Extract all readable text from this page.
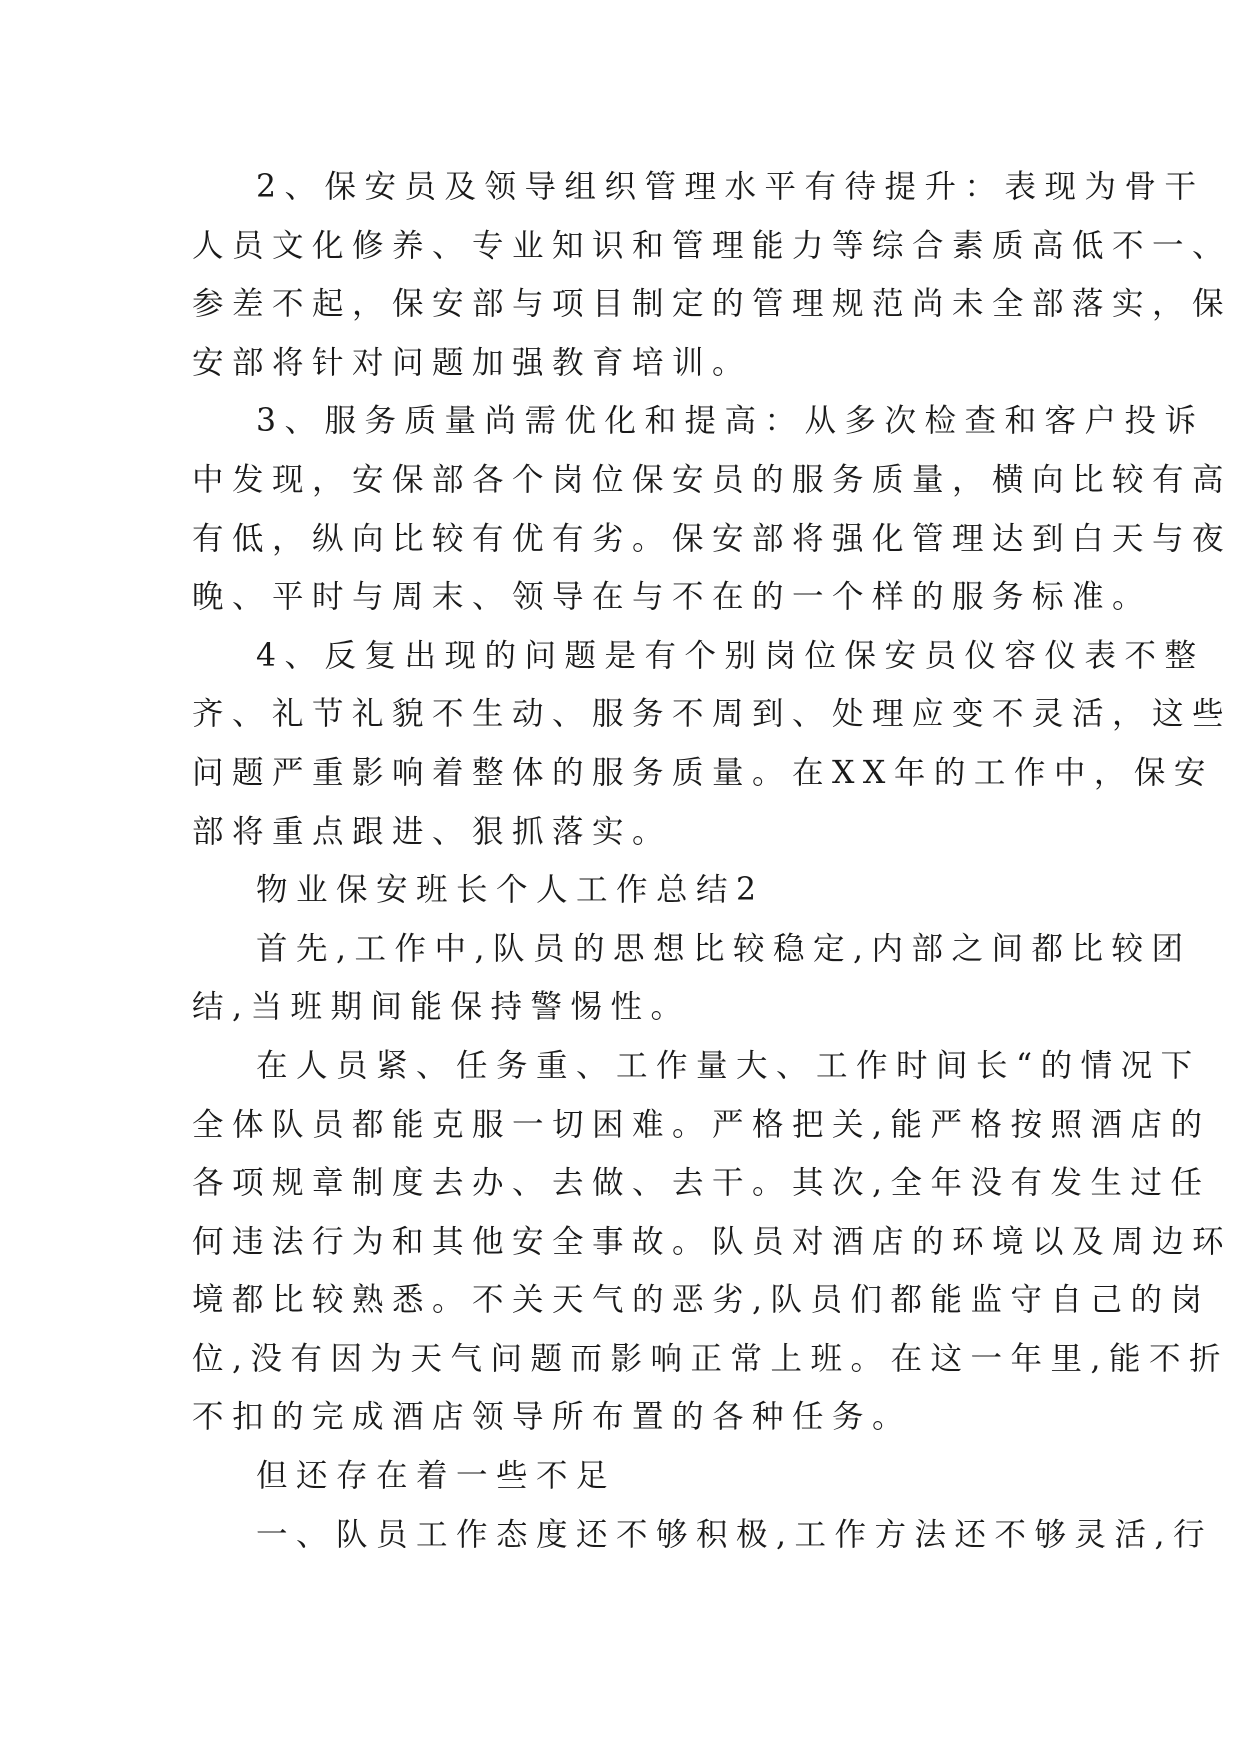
2、保安员及领导组织管理水平有待提升：表现为骨干
人员文化修养、专业知识和管理能力等综合素质高低不一、
参差不起，保安部与项目制定的管理规范尚未全部落实，保
安部将针对问题加强教育培训。
3、服务质量尚需优化和提高：从多次检查和客户投诉
中发现，安保部各个岗位保安员的服务质量，横向比较有高
有低，纵向比较有优有劣。保安部将强化管理达到白天与夜
晚、平时与周末、领导在与不在的一个样的服务标准。
4、反复出现的问题是有个别岗位保安员仪容仪表不整
齐、礼节礼貌不生动、服务不周到、处理应变不灵活，这些
问题严重影响着整体的服务质量。在XX年的工作中，保安
部将重点跟进、狠抓落实。
物业保安班长个人工作总结2
首先,工作中,队员的思想比较稳定,内部之间都比较团
结,当班期间能保持警惕性。
在人员紧、任务重、工作量大、工作时间长“的情况下
全体队员都能克服一切困难。严格把关,能严格按照酒店的
各项规章制度去办、去做、去干。其次,全年没有发生过任
何违法行为和其他安全事故。队员对酒店的环境以及周边环
境都比较熟悉。不关天气的恶劣,队员们都能监守自己的岗
位,没有因为天气问题而影响正常上班。在这一年里,能不折
不扣的完成酒店领导所布置的各种任务。
但还存在着一些不足
一、队员工作态度还不够积极,工作方法还不够灵活,行
